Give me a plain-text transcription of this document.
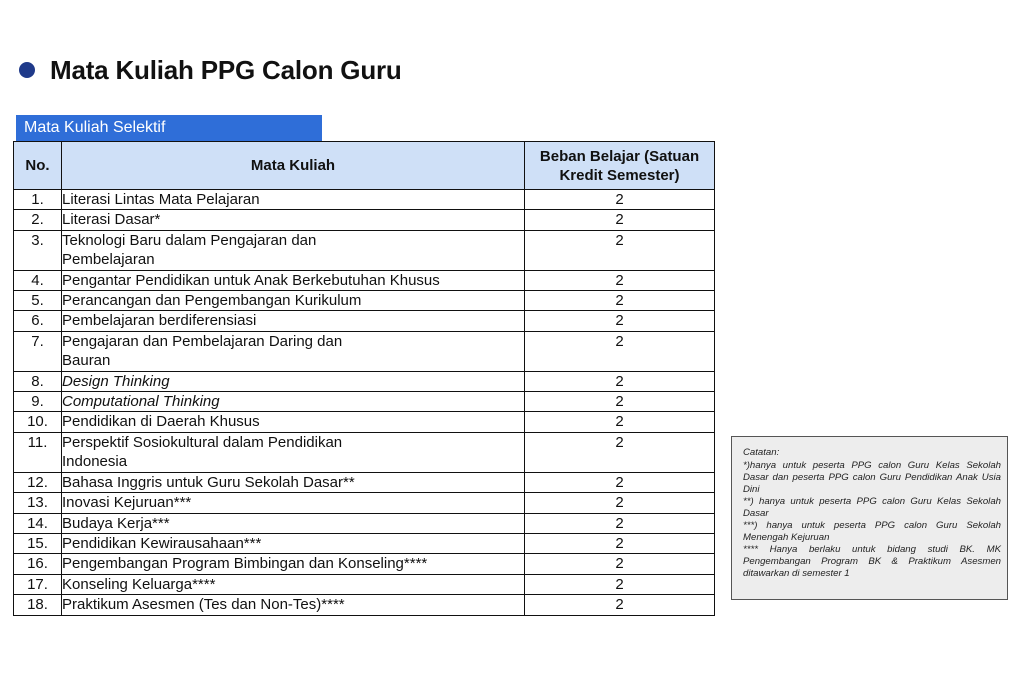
Mata Kuliah PPG Calon Guru
Mata Kuliah Selektif
No.	Mata Kuliah	Beban Belajar (Satuan
Kredit Semester)
1.	Literasi Lintas Mata Pelajaran	2
2.	Literasi Dasar*	2
3.	Teknologi Baru dalam Pengajaran dan
Pembelajaran	2
4.	Pengantar Pendidikan untuk Anak Berkebutuhan Khusus	2
5.	Perancangan dan Pengembangan Kurikulum	2
6.	Pembelajaran berdiferensiasi	2
7.	Pengajaran dan Pembelajaran Daring dan
Bauran	2
8.	Design Thinking	2
9.	Computational Thinking	2
10.	Pendidikan di Daerah Khusus	2
11.	Perspektif Sosiokultural dalam Pendidikan
Indonesia	2
12.	Bahasa Inggris untuk Guru Sekolah Dasar**	2
13.	Inovasi Kejuruan***	2
14.	Budaya Kerja***	2
15.	Pendidikan Kewirausahaan***	2
16.	Pengembangan Program Bimbingan dan Konseling****	2
17.	Konseling Keluarga****	2
18.	Praktikum Asesmen (Tes dan Non-Tes)****	2

Catatan:

*)hanya untuk peserta PPG calon Guru Kelas Sekolah Dasar dan peserta PPG calon Guru Pendidikan Anak Usia Dini

**) hanya untuk peserta PPG calon Guru Kelas Sekolah Dasar

***) hanya untuk peserta PPG calon Guru Sekolah Menengah Kejuruan

**** Hanya berlaku untuk bidang studi BK. MK Pengembangan Program BK & Praktikum Asesmen ditawarkan di semester 1
